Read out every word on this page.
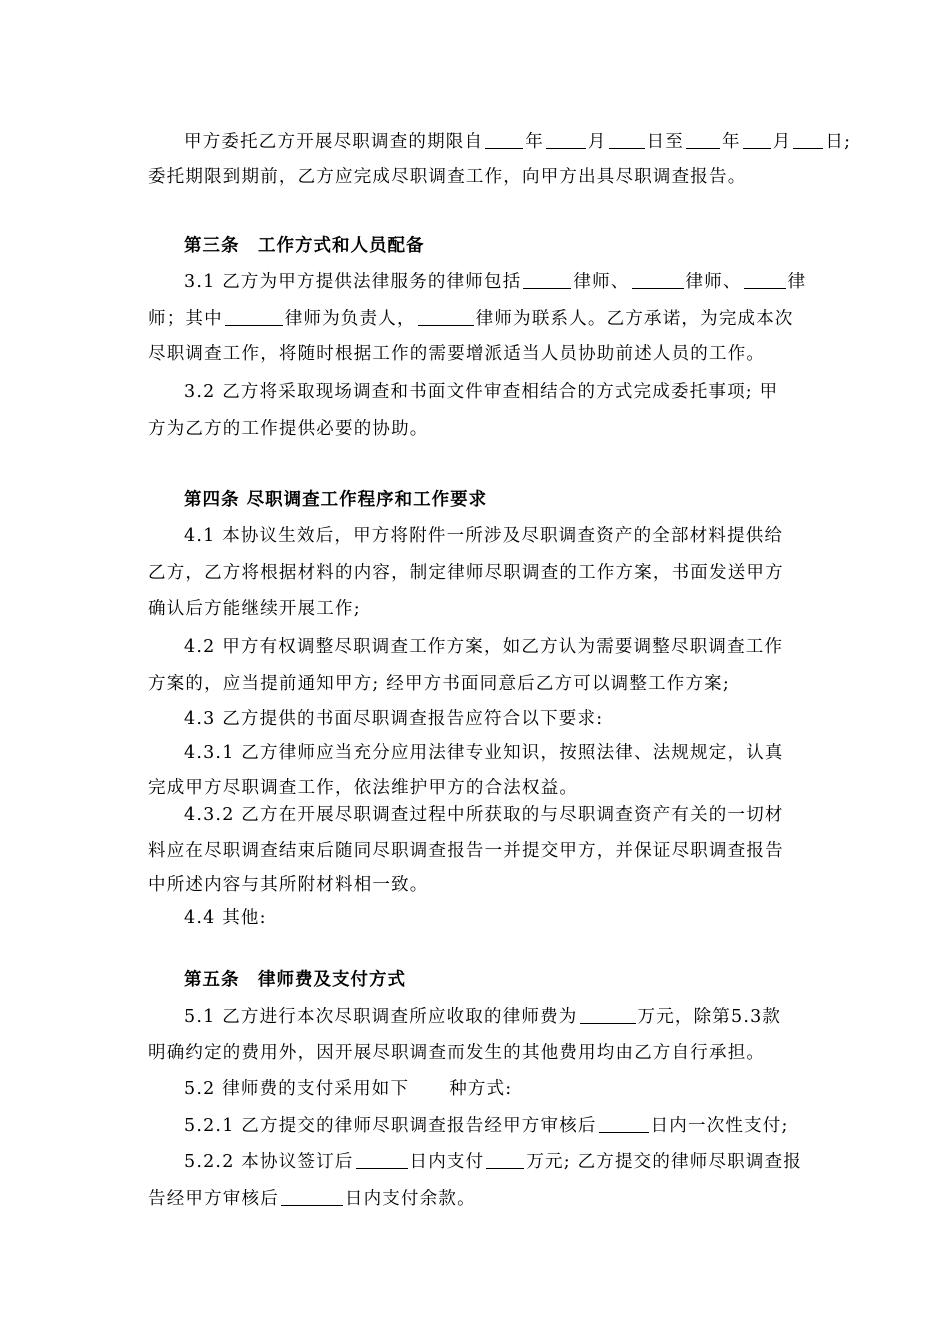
甲方委托乙方开展尽职调查的期限自 年	月 日至 年 月 日;
委托期限到期前，乙方应完成尽职调查工作，向甲方出具尽职调查报告。
第三条　工作方式和人员配备
3.1 乙方为甲方提供法律服务的律师包括	律师、	律师、	律
师；其中	律师为负责人，	律师为联系人。乙方承诺，为完成本次
尽职调查工作，将随时根据工作的需要增派适当人员协助前述人员的工作。
3.2 乙方将采取现场调查和书面文件审查相结合的方式完成委托事项; 甲
方为乙方的工作提供必要的协助。
第四条 尽职调查工作程序和工作要求
4.1 本协议生效后，甲方将附件一所涉及尽职调查资产的全部材料提供给
乙方，乙方将根据材料的内容，制定律师尽职调查的工作方案，书面发送甲方
确认后方能继续开展工作;
4.2 甲方有权调整尽职调查工作方案，如乙方认为需要调整尽职调查工作
方案的，应当提前通知甲方; 经甲方书面同意后乙方可以调整工作方案;
4.3 乙方提供的书面尽职调查报告应符合以下要求:
4.3.1 乙方律师应当充分应用法律专业知识，按照法律、法规规定，认真
完成甲方尽职调查工作，依法维护甲方的合法权益。
4.3.2 乙方在开展尽职调查过程中所获取的与尽职调查资产有关的一切材
料应在尽职调查结束后随同尽职调查报告一并提交甲方，并保证尽职调查报告
中所述内容与其所附材料相一致。
4.4 其他:
第五条　律师费及支付方式
5.1 乙方进行本次尽职调查所应收取的律师费为	万元，除第5.3款
明确约定的费用外，因开展尽职调查而发生的其他费用均由乙方自行承担。
5.2 律师费的支付采用如下 种方式:
5.2.1 乙方提交的律师尽职调查报告经甲方审核后	日内一次性支付;
5.2.2 本协议签订后	日内支付 万元; 乙方提交的律师尽职调查报
告经甲方审核后	日内支付余款。
